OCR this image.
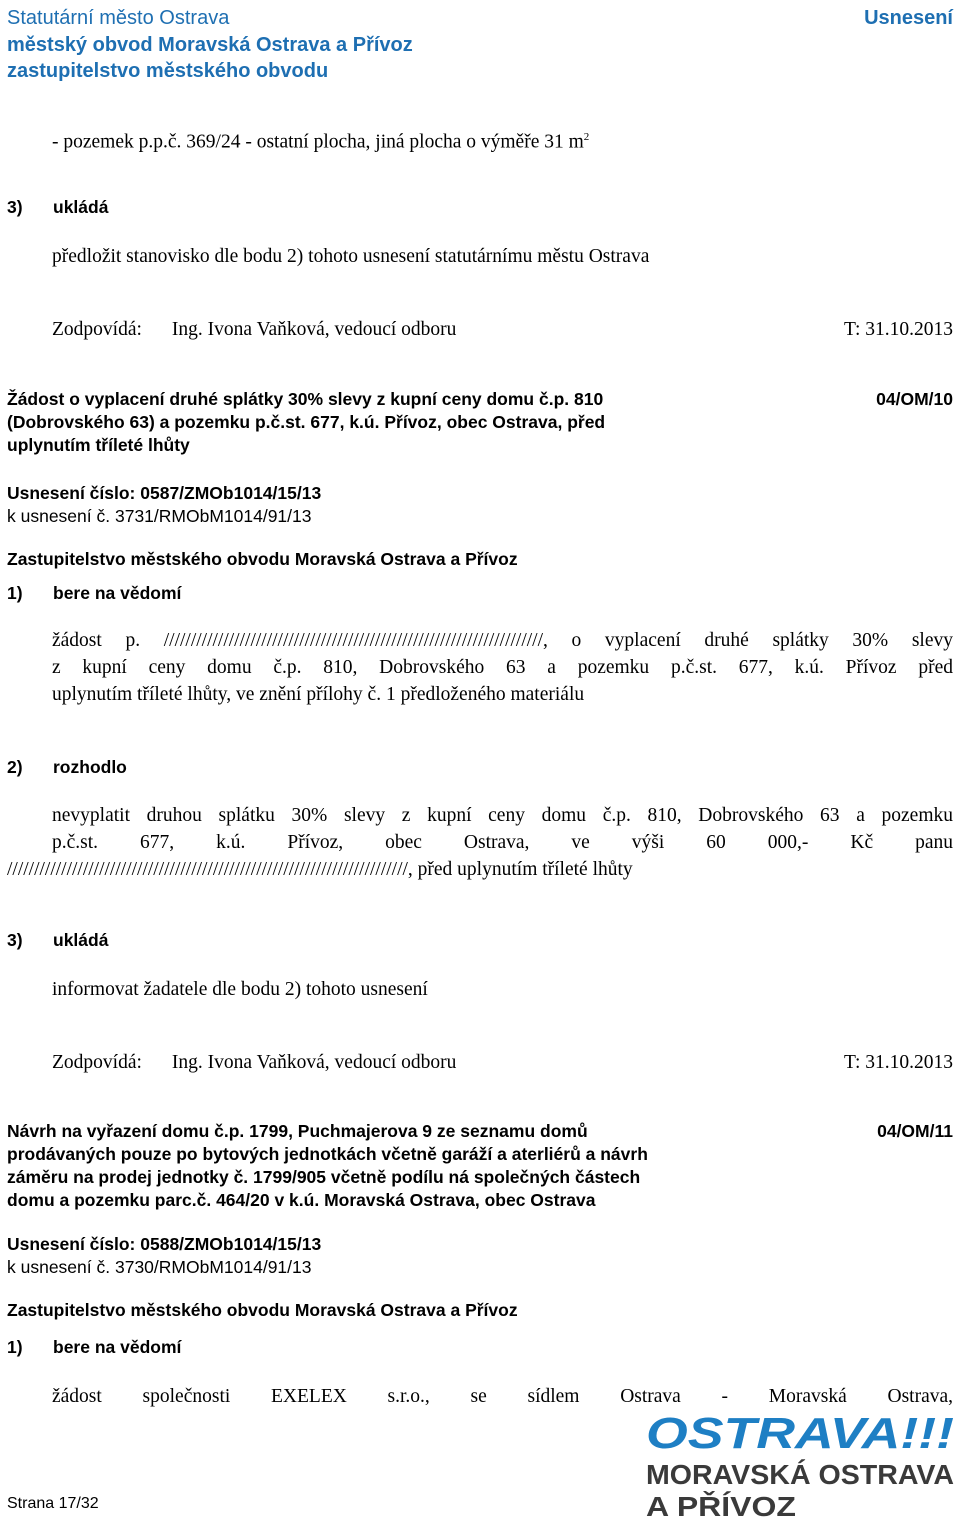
Statutární město Ostrava
městský obvod Moravská Ostrava a Přívoz
zastupitelstvo městského obvodu
Usnesení
- pozemek p.p.č. 369/24 - ostatní plocha, jiná plocha o výměře 31 $m^2$
3) ukládá
předložit stanovisko dle bodu 2) tohoto usnesení statutárnímu městu Ostrava
Zodpovídá: Ing. Ivona Vaňková, vedoucí odboru	T: 31.10.2013
Žádost o vyplacení druhé splátky 30% slevy z kupní ceny domu č.p. 810
(Dobrovského 63) a pozemku p.č.st. 677, k.ú. Přívoz, obec Ostrava, před
uplynutím tříleté lhůty
04/OM/10
Usnesení číslo: 0587/ZMOb1014/15/13
k usnesení č. 3731/RMObM1014/91/13
Zastupitelstvo městského obvodu Moravská Ostrava a Přívoz
1) bere na vědomí
žádost p. //////////////////////////////////////////////////////////////////////, o vyplacení druhé splátky 30% slevy
z kupní ceny domu č.p. 810, Dobrovského 63 a pozemku p.č.st. 677, k.ú. Přívoz před
uplynutím tříleté lhůty, ve znění přílohy č. 1 předloženého materiálu
2) rozhodlo
nevyplatit druhou splátku 30% slevy z kupní ceny domu č.p. 810, Dobrovského 63 a pozemku
p.č.st. 677, k.ú. Přívoz, obec Ostrava, ve výši 60 000,- Kč panu
//////////////////////////////////////////////////////////////////////////, před uplynutím tříleté lhůty
3) ukládá
informovat žadatele dle bodu 2) tohoto usnesení
Zodpovídá: Ing. Ivona Vaňková, vedoucí odboru	T: 31.10.2013
Návrh na vyřazení domu č.p. 1799, Puchmajerova 9 ze seznamu domů
prodávaných pouze po bytových jednotkách včetně garáží a aterliérů a návrh
záměru na prodej jednotky č. 1799/905 včetně podílu ná společných částech
domu a pozemku parc.č. 464/20 v k.ú. Moravská Ostrava, obec Ostrava
04/OM/11
Usnesení číslo: 0588/ZMOb1014/15/13
k usnesení č. 3730/RMObM1014/91/13
Zastupitelstvo městského obvodu Moravská Ostrava a Přívoz
1) bere na vědomí
žádost společnosti EXELEX s.r.o., se sídlem Ostrava - Moravská Ostrava,
Strana 17/32
OSTRAVA!!!
MORAVSKÁ OSTRAVA
A PŘÍVOZ
